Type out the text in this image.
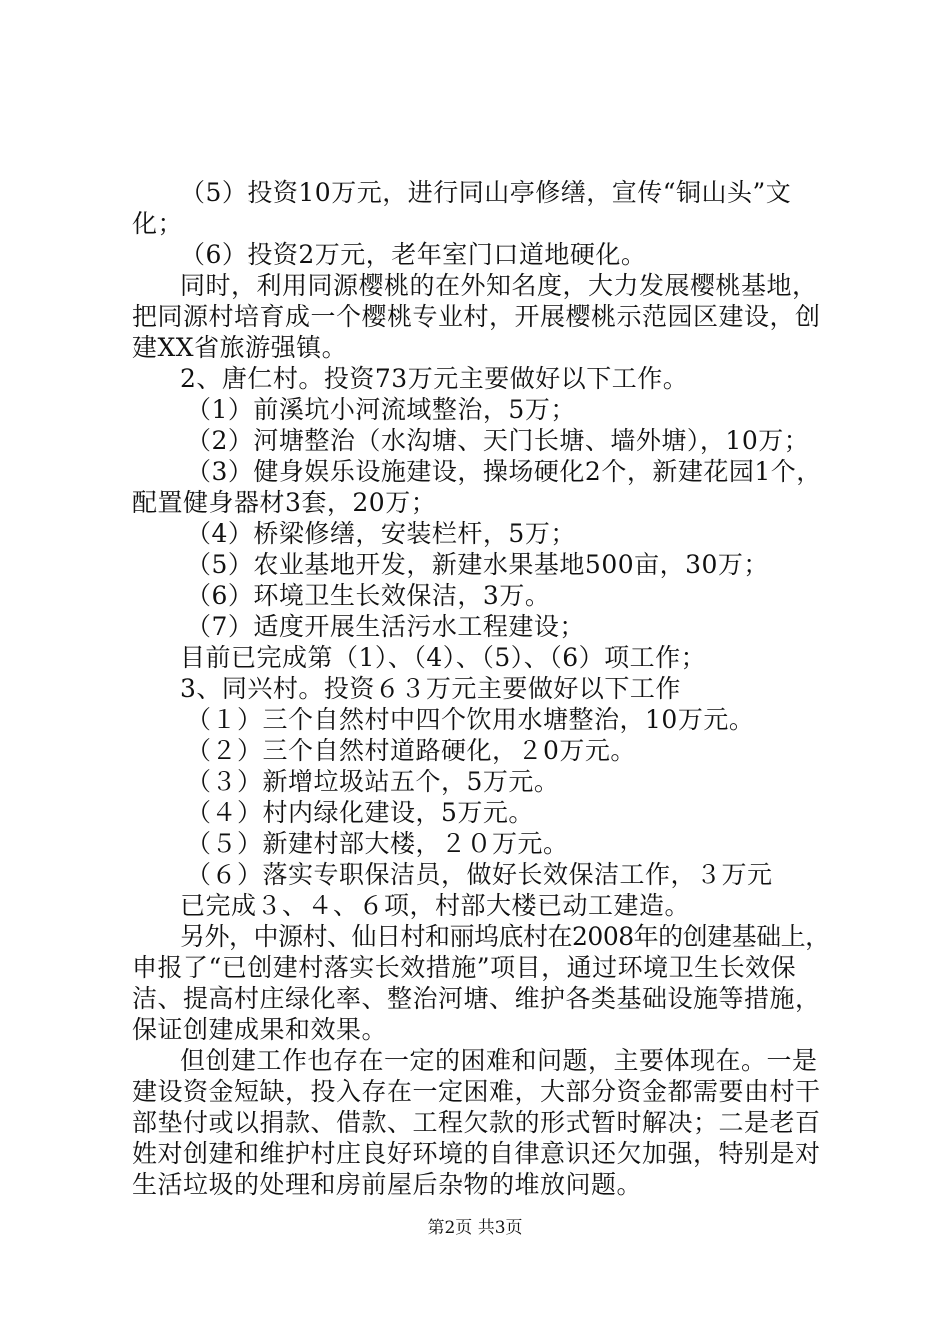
（5）投资10万元，进行同山亭修缮，宣传“铜山头”文
化；
（6）投资2万元，老年室门口道地硬化。
同时，利用同源樱桃的在外知名度，大力发展樱桃基地，
把同源村培育成一个樱桃专业村，开展樱桃示范园区建设，创
建XX省旅游强镇。
2、唐仁村。投资73万元主要做好以下工作。
（1）前溪坑小河流域整治，5万；
（2）河塘整治（水沟塘、天门长塘、墙外塘），10万；
（3）健身娱乐设施建设，操场硬化2个，新建花园1个，
配置健身器材3套，20万；
（4）桥梁修缮，安装栏杆，5万；
（5）农业基地开发，新建水果基地500亩，30万；
（6）环境卫生长效保洁，3万。
（7）适度开展生活污水工程建设；
目前已完成第（1）、（4）、（5）、（6）项工作；
3、同兴村。投资６３万元主要做好以下工作
（１）三个自然村中四个饮用水塘整治，10万元。
（２）三个自然村道路硬化，２0万元。
（３）新增垃圾站五个，5万元。
（４）村内绿化建设，5万元。
（５）新建村部大楼，２０万元。
（６）落实专职保洁员，做好长效保洁工作，３万元
已完成３、４、６项，村部大楼已动工建造。
另外，中源村、仙日村和丽坞底村在2008年的创建基础上，
申报了“已创建村落实长效措施”项目，通过环境卫生长效保
洁、提高村庄绿化率、整治河塘、维护各类基础设施等措施，
保证创建成果和效果。
但创建工作也存在一定的困难和问题，主要体现在。一是
建设资金短缺，投入存在一定困难，大部分资金都需要由村干
部垫付或以捐款、借款、工程欠款的形式暂时解决；二是老百
姓对创建和维护村庄良好环境的自律意识还欠加强，特别是对
生活垃圾的处理和房前屋后杂物的堆放问题。
第2页 共3页
